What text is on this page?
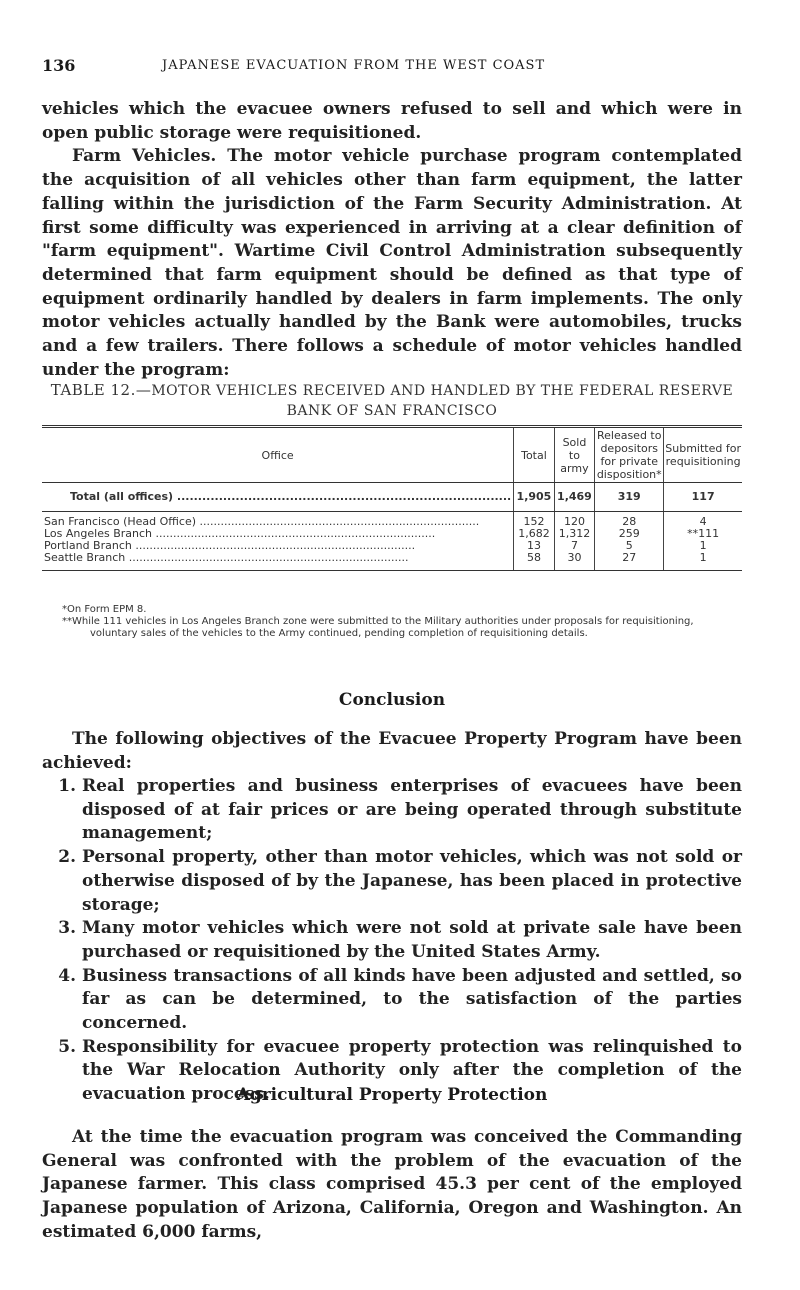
136	JAPANESE EVACUATION FROM THE WEST COAST

vehicles which the evacuee owners refused to sell and which were in open public storage were requisitioned.

Farm Vehicles. The motor vehicle purchase program contemplated the acquisition of all vehicles other than farm equipment, the latter falling within the jurisdiction of the Farm Security Administration. At first some difficulty was experienced in arriving at a clear definition of "farm equipment". Wartime Civil Control Administration subsequently determined that farm equipment should be defined as that type of equipment ordinarily handled by dealers in farm implements. The only motor vehicles actually handled by the Bank were automobiles, trucks and a few trailers. There follows a schedule of motor vehicles handled under the program:

TABLE 12.—MOTOR VEHICLES RECEIVED AND HANDLED BY THE FEDERAL RESERVE
BANK OF SAN FRANCISCO
Office	Total	Sold to army	Released to depositors for private disposition*	Submitted for requisitioning
Total (all offices) ................................................................................	1,905	1,469	319	117
San Francisco (Head Office) ................................................................................	152	120	28	4
Los Angeles Branch ................................................................................	1,682	1,312	259	**111
Portland Branch ................................................................................	13	7	5	1
Seattle Branch ................................................................................	58	30	27	1
*On Form EPM 8.
**While 111 vehicles in Los Angeles Branch zone were submitted to the Military authorities under proposals for requisitioning, voluntary sales of the vehicles to the Army continued, pending completion of requisitioning details.
Conclusion

The following objectives of the Evacuee Property Program have been achieved:

1. Real properties and business enterprises of evacuees have been disposed of at fair prices or are being operated through substitute management;
2. Personal property, other than motor vehicles, which was not sold or otherwise disposed of by the Japanese, has been placed in protective storage;
3. Many motor vehicles which were not sold at private sale have been purchased or requisitioned by the United States Army.
4. Business transactions of all kinds have been adjusted and settled, so far as can be determined, to the satisfaction of the parties concerned.
5. Responsibility for evacuee property protection was relinquished to the War Relocation Authority only after the completion of the evacuation process.
Agricultural Property Protection

At the time the evacuation program was conceived the Commanding General was confronted with the problem of the evacuation of the Japanese farmer. This class comprised 45.3 per cent of the employed Japanese population of Arizona, California, Oregon and Washington. An estimated 6,000 farms,
